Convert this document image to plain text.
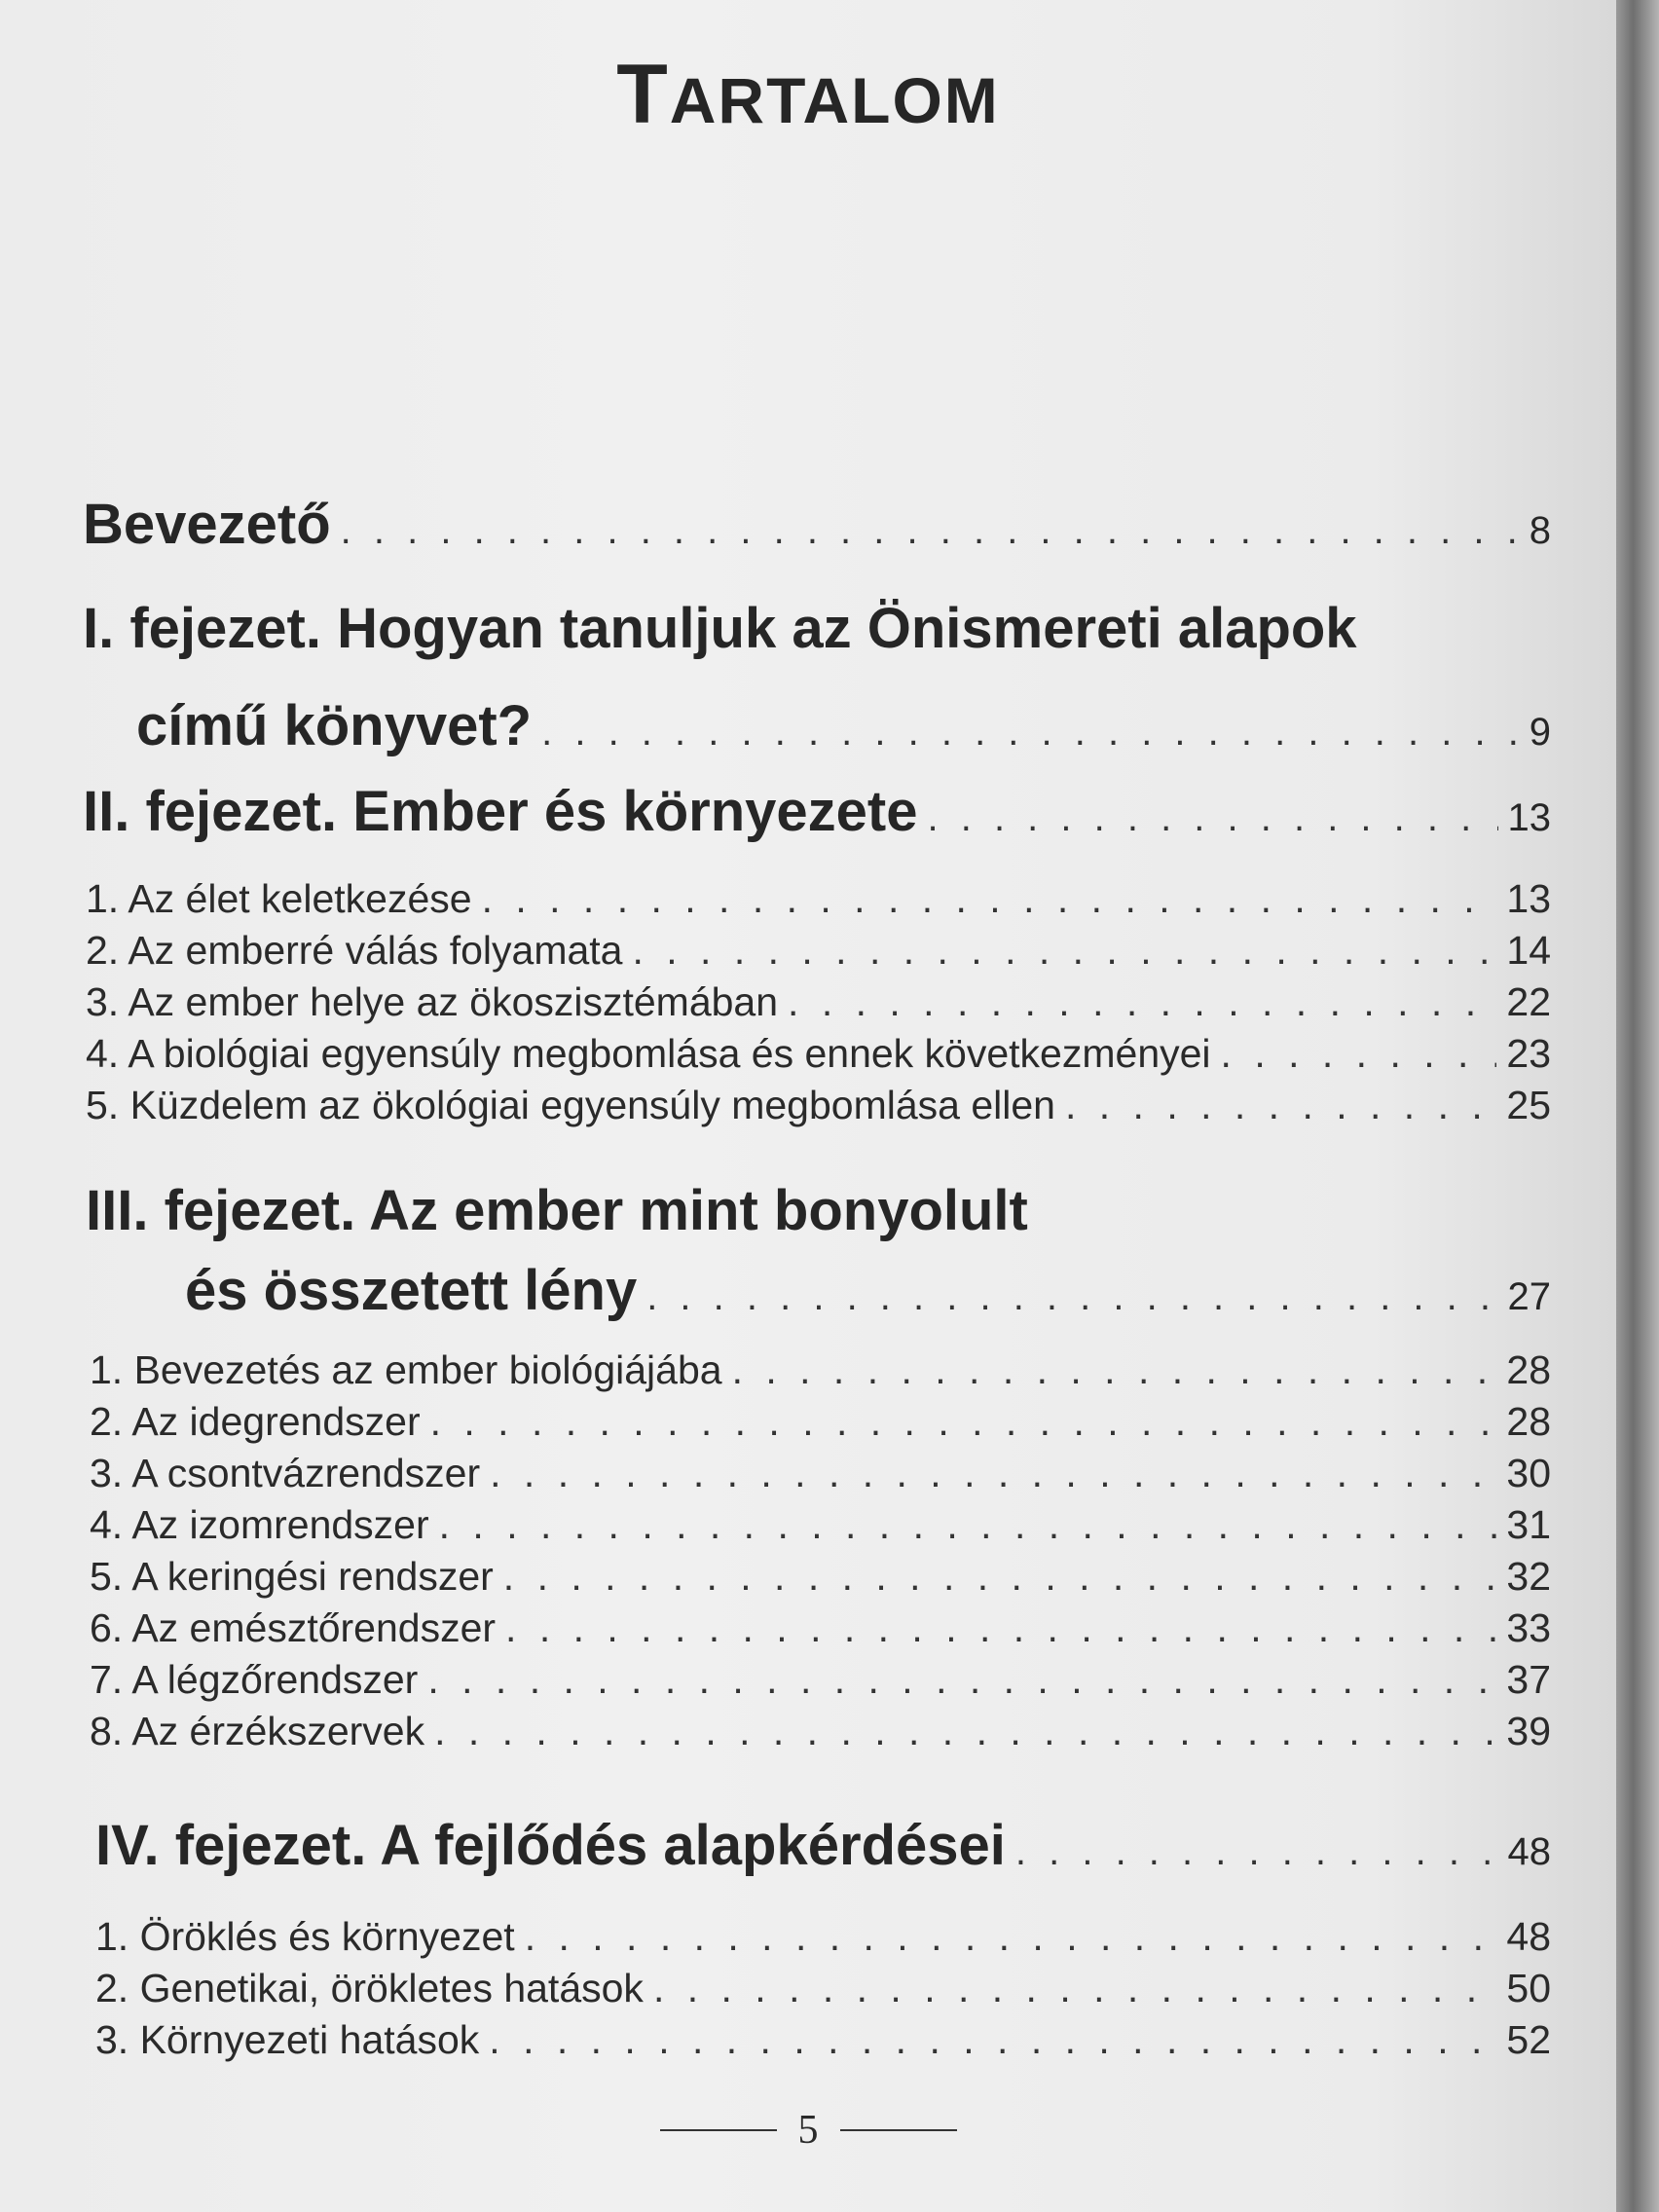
TARTALOM
Bevezető . . .	8
I. fejezet. Hogyan tanuljuk az Önismereti alapok
című könyvet? . . .	9
II. fejezet. Ember és környezete . . .	13
1. Az élet keletkezése . . .	13
2. Az emberré válás folyamata . . .	14
3. Az ember helye az ökoszisztémában . . .	22
4. A biológiai egyensúly megbomlása és ennek következményei . . .	23
5. Küzdelem az ökológiai egyensúly megbomlása ellen . . .	25
III. fejezet. Az ember mint bonyolult
és összetett lény . . .	27
1. Bevezetés az ember biológiájába . . .	28
2. Az idegrendszer . . .	28
3. A csontvázrendszer . . .	30
4. Az izomrendszer . . .	31
5. A keringési rendszer . . .	32
6. Az emésztőrendszer . . .	33
7. A légzőrendszer . . .	37
8. Az érzékszervek . . .	39
IV. fejezet. A fejlődés alapkérdései . . .	48
1. Öröklés és környezet . . .	48
2. Genetikai, örökletes hatások . . .	50
3. Környezeti hatások . . .	52
5
